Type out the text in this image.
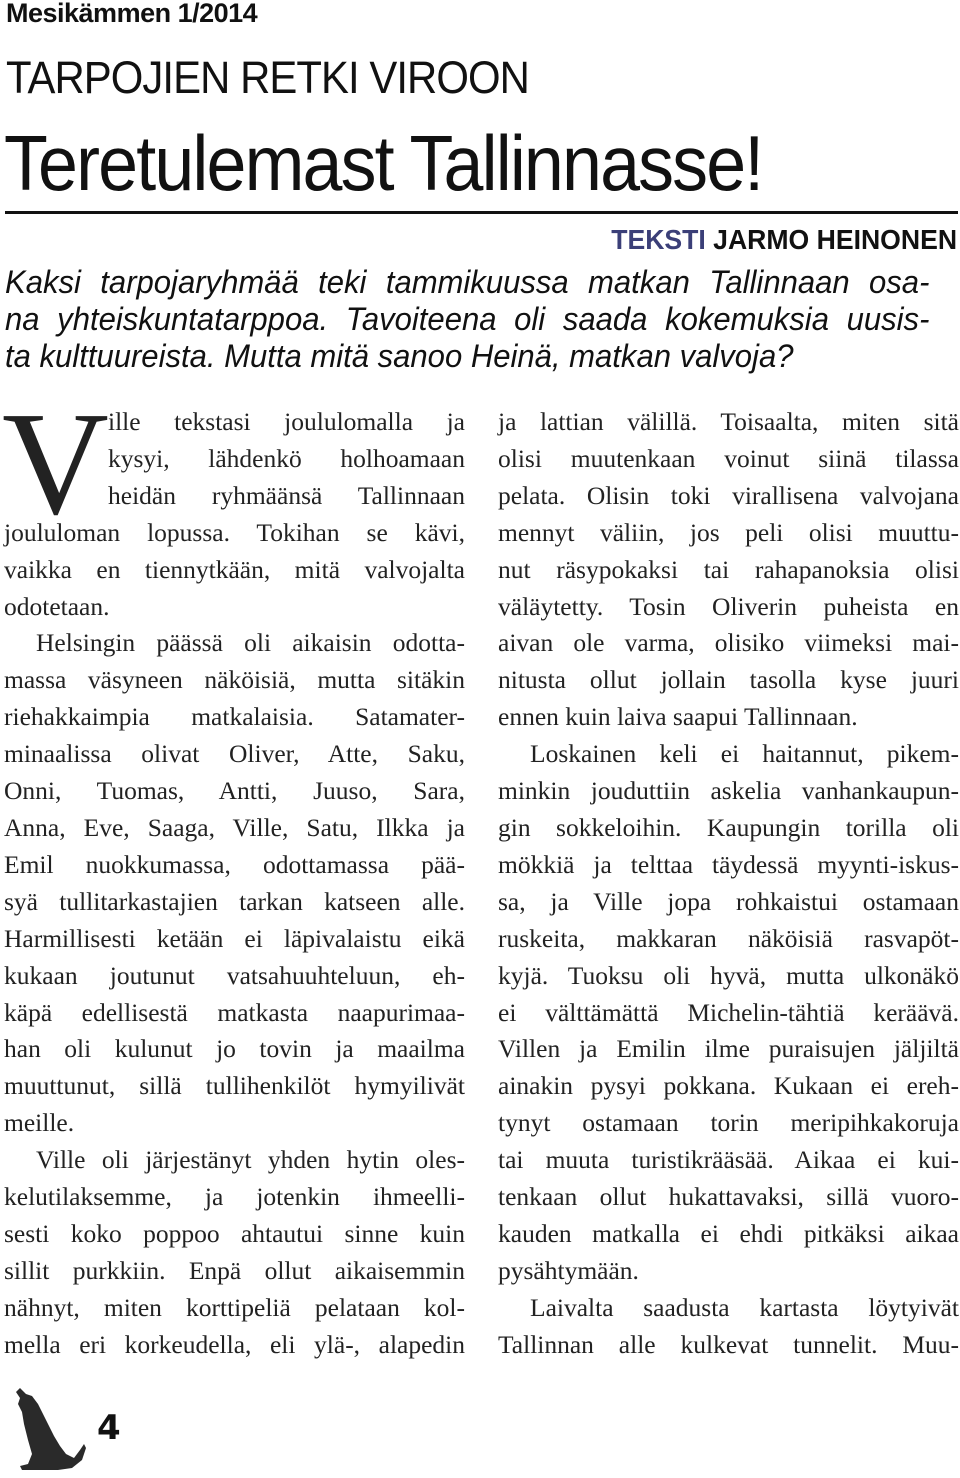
Mesikämmen 1/2014
TARPOJIEN RETKI VIROON
Teretulemast Tallinnasse!
TEKSTI JARMO HEINONEN
Kaksi tarpojaryhmää teki tammikuussa matkan Tallinnaan osa-
na yhteiskuntatarppoa. Tavoiteena oli saada kokemuksia uusis-
ta kulttuureista. Mutta mitä sanoo Heinä, matkan valvoja?
V ille tekstasi joululomalla ja
kysyi, lähdenkö holhoamaan
heidän ryhmäänsä Tallinnaan
joululoman lopussa. Tokihan se kävi,
vaikka en tiennytkään, mitä valvojalta
odotetaan.
Helsingin päässä oli aikaisin odotta-
massa väsyneen näköisiä, mutta sitäkin
riehakkaimpia matkalaisia. Satamater-
minaalissa olivat Oliver, Atte, Saku,
Onni, Tuomas, Antti, Juuso, Sara,
Anna, Eve, Saaga, Ville, Satu, Ilkka ja
Emil nuokkumassa, odottamassa pää-
syä tullitarkastajien tarkan katseen alle.
Harmillisesti ketään ei läpivalaistu eikä
kukaan joutunut vatsahuuhteluun, eh-
käpä edellisestä matkasta naapurimaa-
han oli kulunut jo tovin ja maailma
muuttunut, sillä tullihenkilöt hymyilivät
meille.
Ville oli järjestänyt yhden hytin oles-
kelutilaksemme, ja jotenkin ihmeelli-
sesti koko poppoo ahtautui sinne kuin
sillit purkkiin. Enpä ollut aikaisemmin
nähnyt, miten korttipeliä pelataan kol-
mella eri korkeudella, eli ylä-, alapedin
ja lattian välillä. Toisaalta, miten sitä
olisi muutenkaan voinut siinä tilassa
pelata. Olisin toki virallisena valvojana
mennyt väliin, jos peli olisi muuttu-
nut räsypokaksi tai rahapanoksia olisi
väläytetty. Tosin Oliverin puheista en
aivan ole varma, olisiko viimeksi mai-
nitusta ollut jollain tasolla kyse juuri
ennen kuin laiva saapui Tallinnaan.
Loskainen keli ei haitannut, pikem-
minkin jouduttiin askelia vanhankaupun-
gin sokkeloihin. Kaupungin torilla oli
mökkiä ja telttaa täydessä myynti-iskus-
sa, ja Ville jopa rohkaistui ostamaan
ruskeita, makkaran näköisiä rasvapöt-
kyjä. Tuoksu oli hyvä, mutta ulkonäkö
ei välttämättä Michelin-tähtiä keräävä.
Villen ja Emilin ilme puraisujen jäljiltä
ainakin pysyi pokkana. Kukaan ei ereh-
tynyt ostamaan torin meripihkakoruja
tai muuta turistikrääsää. Aikaa ei kui-
tenkaan ollut hukattavaksi, sillä vuoro-
kauden matkalla ei ehdi pitkäksi aikaa
pysähtymään.
Laivalta saadusta kartasta löytyivät
Tallinnan alle kulkevat tunnelit. Muu-
4
